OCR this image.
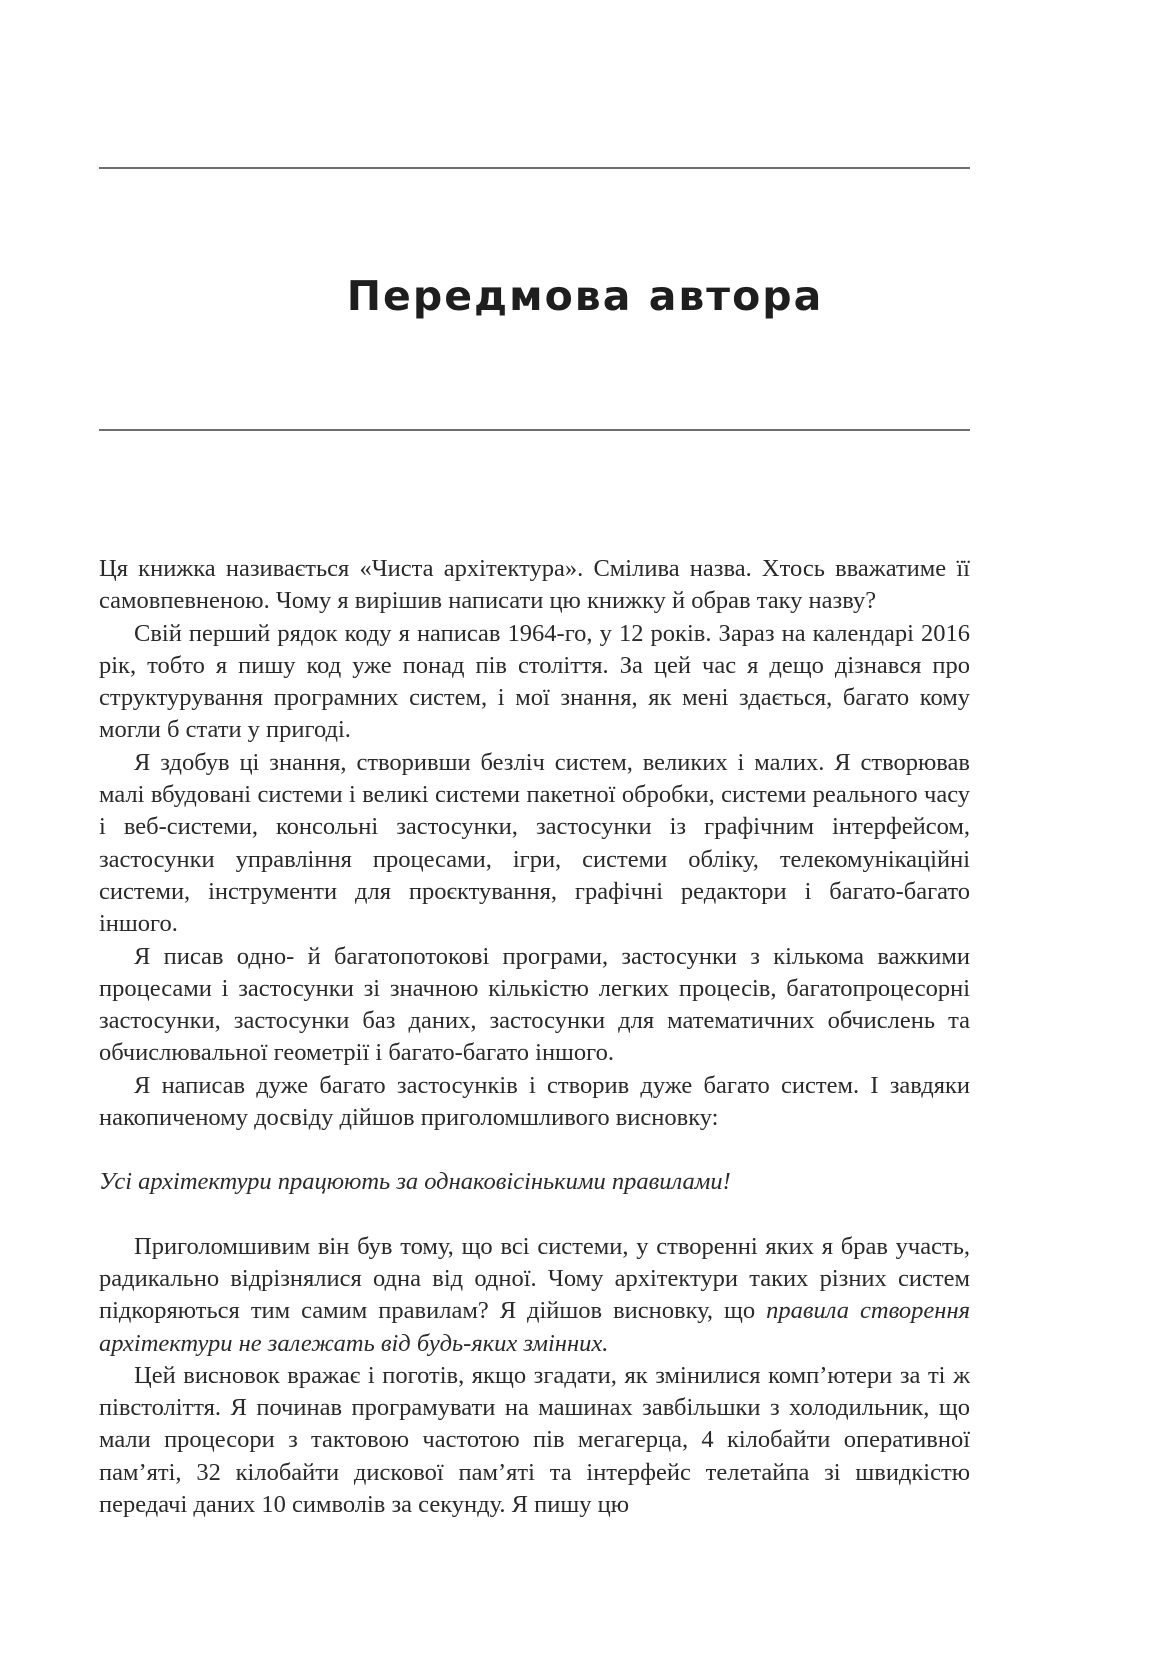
Передмова автора

Ця книжка називається «Чиста архітектура». Смілива назва. Хтось вважатиме її самовпевненою. Чому я вирішив написати цю книжку й обрав таку назву?

Свій перший рядок коду я написав 1964-го, у 12 років. Зараз на календарі 2016 рік, тобто я пишу код уже понад пів століття. За цей час я дещо дізнався про структурування програмних систем, і мої знання, як мені здається, багато кому могли б стати у пригоді.

Я здобув ці знання, створивши безліч систем, великих і малих. Я створював малі вбудовані системи і великі системи пакетної обробки, системи реального часу і веб-системи, консольні застосунки, застосунки із графічним інтерфейсом, застосунки управління процесами, ігри, системи обліку, телекомунікаційні системи, інструменти для проєктування, графічні редактори і багато-багато іншого.

Я писав одно- й багатопотокові програми, застосунки з кількома важкими процесами і застосунки зі значною кількістю легких процесів, багатопроцесорні застосунки, застосунки баз даних, застосунки для математичних обчислень та обчислювальної геометрії і багато-багато іншого.

Я написав дуже багато застосунків і створив дуже багато систем. І завдяки накопиченому досвіду дійшов приголомшливого висновку:

Усі архітектури працюють за однаковісінькими правилами!

Приголомшивим він був тому, що всі системи, у створенні яких я брав участь, радикально відрізнялися одна від одної. Чому архітектури таких різних систем підкоряються тим самим правилам? Я дійшов висновку, що правила створення архітектури не залежать від будь-яких змінних.

Цей висновок вражає і поготів, якщо згадати, як змінилися комп’ютери за ті ж півстоліття. Я починав програмувати на машинах завбільшки з холодильник, що мали процесори з тактовою частотою пів мегагерца, 4 кілобайти оперативної пам’яті, 32 кілобайти дискової пам’яті та інтерфейс телетайпа зі швидкістю передачі даних 10 символів за секунду. Я пишу цю
